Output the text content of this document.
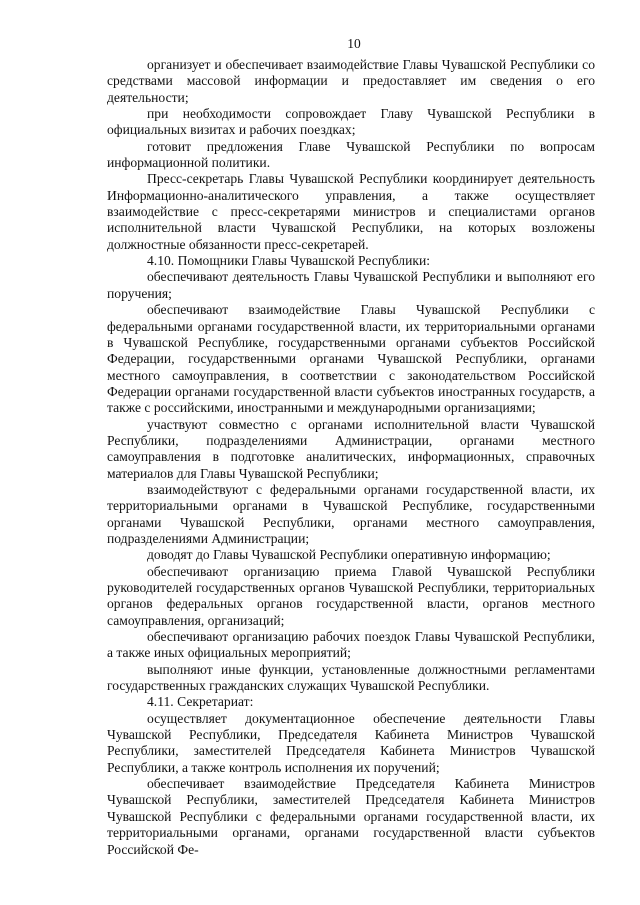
10

организует и обеспечивает взаимодействие Главы Чувашской Республики со средствами массовой информации и предоставляет им сведения о его деятельности;

при необходимости сопровождает Главу Чувашской Республики в официальных визитах и рабочих поездках;

готовит предложения Главе Чувашской Республики по вопросам информационной политики.

Пресс-секретарь Главы Чувашской Республики координирует деятельность Информационно-аналитического управления, а также осуществляет взаимодействие с пресс-секретарями министров и специалистами органов исполнительной власти Чувашской Республики, на которых возложены должностные обязанности пресс-секретарей.

4.10. Помощники Главы Чувашской Республики:

обеспечивают деятельность Главы Чувашской Республики и выполняют его поручения;

обеспечивают взаимодействие Главы Чувашской Республики с федеральными органами государственной власти, их территориальными органами в Чувашской Республике, государственными органами субъектов Российской Федерации, государственными органами Чувашской Республики, органами местного самоуправления, в соответствии с законодательством Российской Федерации органами государственной власти субъектов иностранных государств, а также с российскими, иностранными и международными организациями;

участвуют совместно с органами исполнительной власти Чувашской Республики, подразделениями Администрации, органами местного самоуправления в подготовке аналитических, информационных, справочных материалов для Главы Чувашской Республики;

взаимодействуют с федеральными органами государственной власти, их территориальными органами в Чувашской Республике, государственными органами Чувашской Республики, органами местного самоуправления, подразделениями Администрации;

доводят до Главы Чувашской Республики оперативную информацию;

обеспечивают организацию приема Главой Чувашской Республики руководителей государственных органов Чувашской Республики, территориальных органов федеральных органов государственной власти, органов местного самоуправления, организаций;

обеспечивают организацию рабочих поездок Главы Чувашской Республики, а также иных официальных мероприятий;

выполняют иные функции, установленные должностными регламентами государственных гражданских служащих Чувашской Республики.

4.11. Секретариат:

осуществляет документационное обеспечение деятельности Главы Чувашской Республики, Председателя Кабинета Министров Чувашской Республики, заместителей Председателя Кабинета Министров Чувашской Республики, а также контроль исполнения их поручений;

обеспечивает взаимодействие Председателя Кабинета Министров Чувашской Республики, заместителей Председателя Кабинета Министров Чувашской Республики с федеральными органами государственной власти, их территориальными органами, органами государственной власти субъектов Российской Фе-
